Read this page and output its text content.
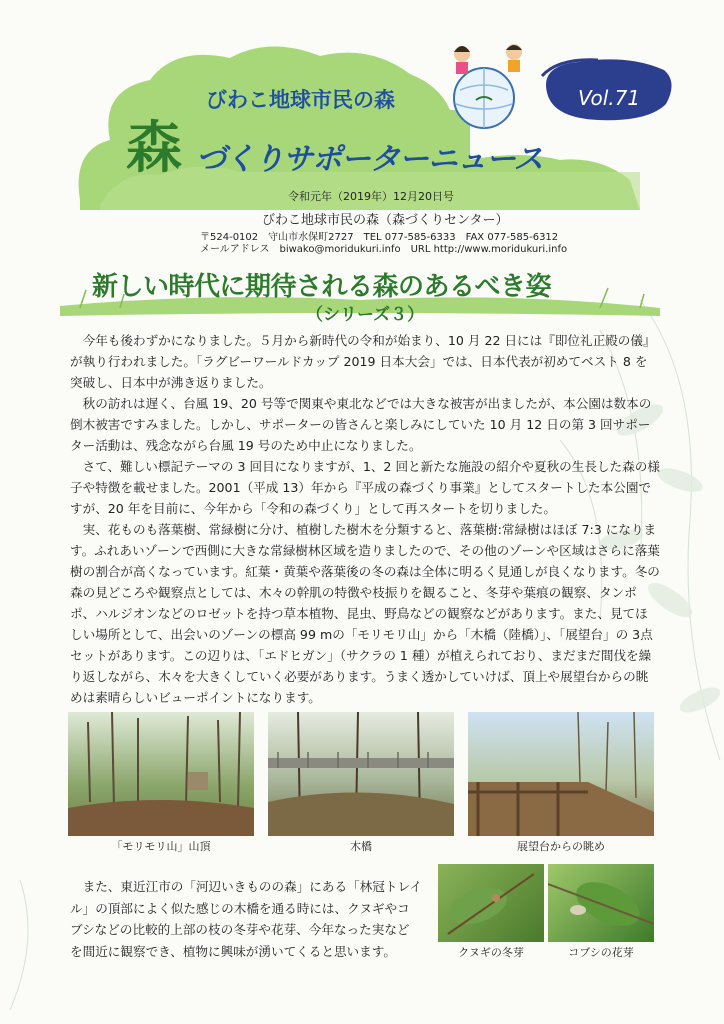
Vol.71
びわこ地球市民の森
森 づくりサポーターニュース
令和元年（2019年）12月20日号
びわこ地球市民の森（森づくりセンター）
〒524-0102　守山市水保町2727　TEL 077-585-6333　FAX 077-585-6312
メールアドレス　biwako@moridukuri.info　URL http://www.moridukuri.info
新しい時代に期待される森のあるべき姿
（シリーズ３）

今年も後わずかになりました。５月から新時代の令和が始まり、10 月 22 日には『即位礼正殿の儀』が執り行われました。「ラグビーワールドカップ 2019 日本大会」では、日本代表が初めてベスト 8 を突破し、日本中が沸き返りました。

秋の訪れは遅く、台風 19、20 号等で関東や東北などでは大きな被害が出ましたが、本公園は数本の倒木被害ですみました。しかし、サポーターの皆さんと楽しみにしていた 10 月 12 日の第 3 回サポーター活動は、残念ながら台風 19 号のため中止になりました。

さて、難しい標記テーマの 3 回目になりますが、1、2 回と新たな施設の紹介や夏秋の生長した森の様子や特徴を載せました。2001（平成 13）年から『平成の森づくり事業』としてスタートした本公園ですが、20 年を目前に、今年から「令和の森づくり」として再スタートを切りました。

実、花ものも落葉樹、常緑樹に分け、植樹した樹木を分類すると、落葉樹:常緑樹はほぼ 7:3 になります。ふれあいゾーンで西側に大きな常緑樹林区域を造りましたので、その他のゾーンや区域はさらに落葉樹の割合が高くなっています。紅葉・黄葉や落葉後の冬の森は全体に明るく見通しが良くなります。冬の森の見どころや観察点としては、木々の幹肌の特徴や枝振りを観ること、冬芽や葉痕の観察、タンポポ、ハルジオンなどのロゼットを持つ草本植物、昆虫、野鳥などの観察などがあります。また、見てほしい場所として、出会いのゾーンの標高 99 mの「モリモリ山」から「木橋（陸橋）」、「展望台」の 3点セットがあります。この辺りは、「エドヒガン」（サクラの 1 種）が植えられており、まだまだ間伐を繰り返しながら、木々を大きくしていく必要があります。うまく透かしていけば、頂上や展望台からの眺めは素晴らしいビューポイントになります。

「モリモリ山」山頂	木橋	展望台からの眺め

また、東近江市の「河辺いきものの森」にある「林冠トレイル」の頂部によく似た感じの木橋を通る時には、クヌギやコブシなどの比較的上部の枝の冬芽や花芽、今年なった実などを間近に観察でき、植物に興味が湧いてくると思います。	クヌギの冬芽	コブシの花芽
